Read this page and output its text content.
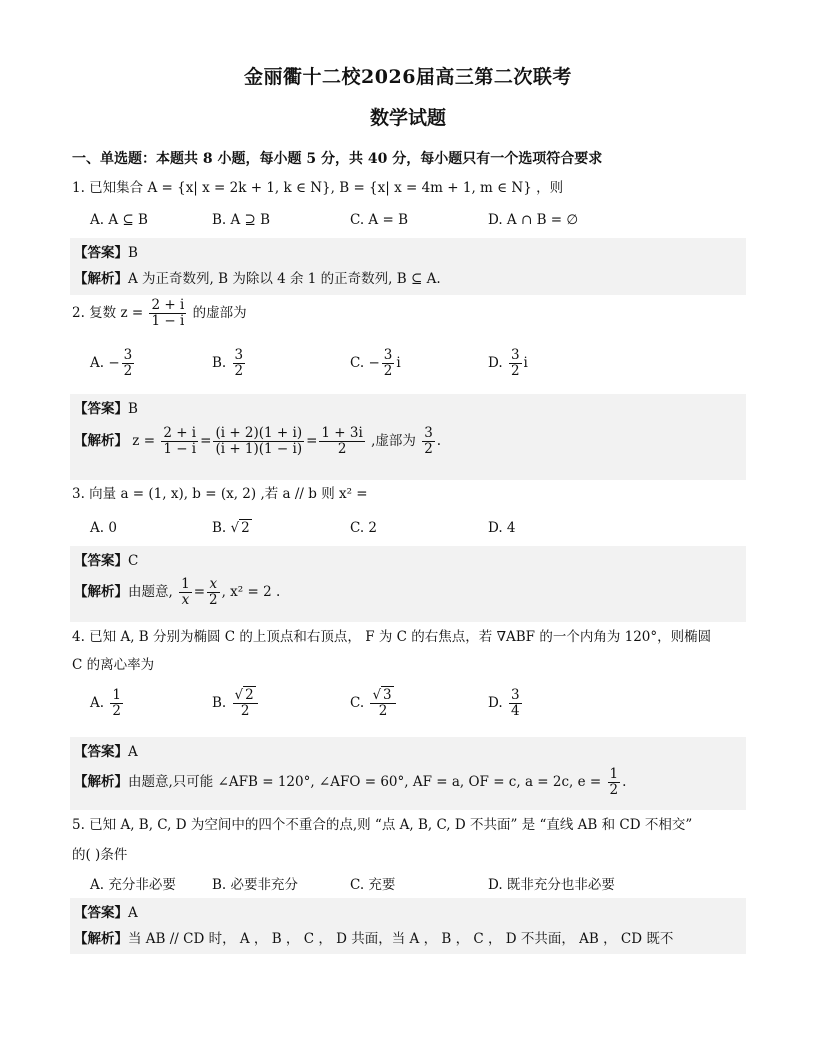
金丽衢十二校2026届高三第二次联考
数学试题
一、单选题：本题共 8 小题，每小题 5 分，共 40 分，每小题只有一个选项符合要求
1. 已知集合 A = {x| x = 2k + 1, k ∈ N}, B = {x| x = 4m + 1, m ∈ N} ，则
A. A ⊆ B	B. A ⊇ B	C. A = B	D. A ∩ B = ∅
【答案】B
【解析】A 为正奇数列, B 为除以 4 余 1 的正奇数列, B ⊆ A.
2. 复数 $z = \frac{2 + i}{1 - i}$ 的虚部为
A. − $\frac{3}{2}$	B. $\frac{3}{2}$	C. − $\frac{3}{2}$ i	D. $\frac{3}{2}$ i
【答案】B
【解析】 $z = \frac{2 + i}{1 - i} = \frac{(i + 2)(1 + i)}{(i + 1)(1 - i)} = \frac{1 + 3i}{2}$ ,虚部为 $\frac{3}{2}$ .
3. 向量 a = (1, x), b = (x, 2) ,若 a // b 则 x² =
A. 0	B. √ 2	C. 2	D. 4
【答案】C
【解析】由题意, $\frac{1}{x} = \frac{x}{2}$ , x² = 2 .
4. 已知 A, B 分别为椭圆 C 的上顶点和右顶点， F 为 C 的右焦点，若 ∇ABF 的一个内角为 120°，则椭圆
C 的离心率为
A. $\frac{1}{2}$	B. $\frac{√ 2}{2}$	C. $\frac{√ 3}{2}$	D. $\frac{3}{4}$
【答案】A
【解析】由题意,只可能 ∠AFB = 120°, ∠AFO = 60°, AF = a, OF = c, a = 2c, $e = \frac{1}{2}$ .
5. 已知 A, B, C, D 为空间中的四个不重合的点,则 “点 A, B, C, D 不共面” 是 “直线 AB 和 CD 不相交”
的( )条件
A. 充分非必要	B. 必要非充分	C. 充要	D. 既非充分也非必要
【答案】A
【解析】当 AB // CD 时， A ， B ， C ， D 共面，当 A ， B ， C ， D 不共面， AB ， CD 既不
